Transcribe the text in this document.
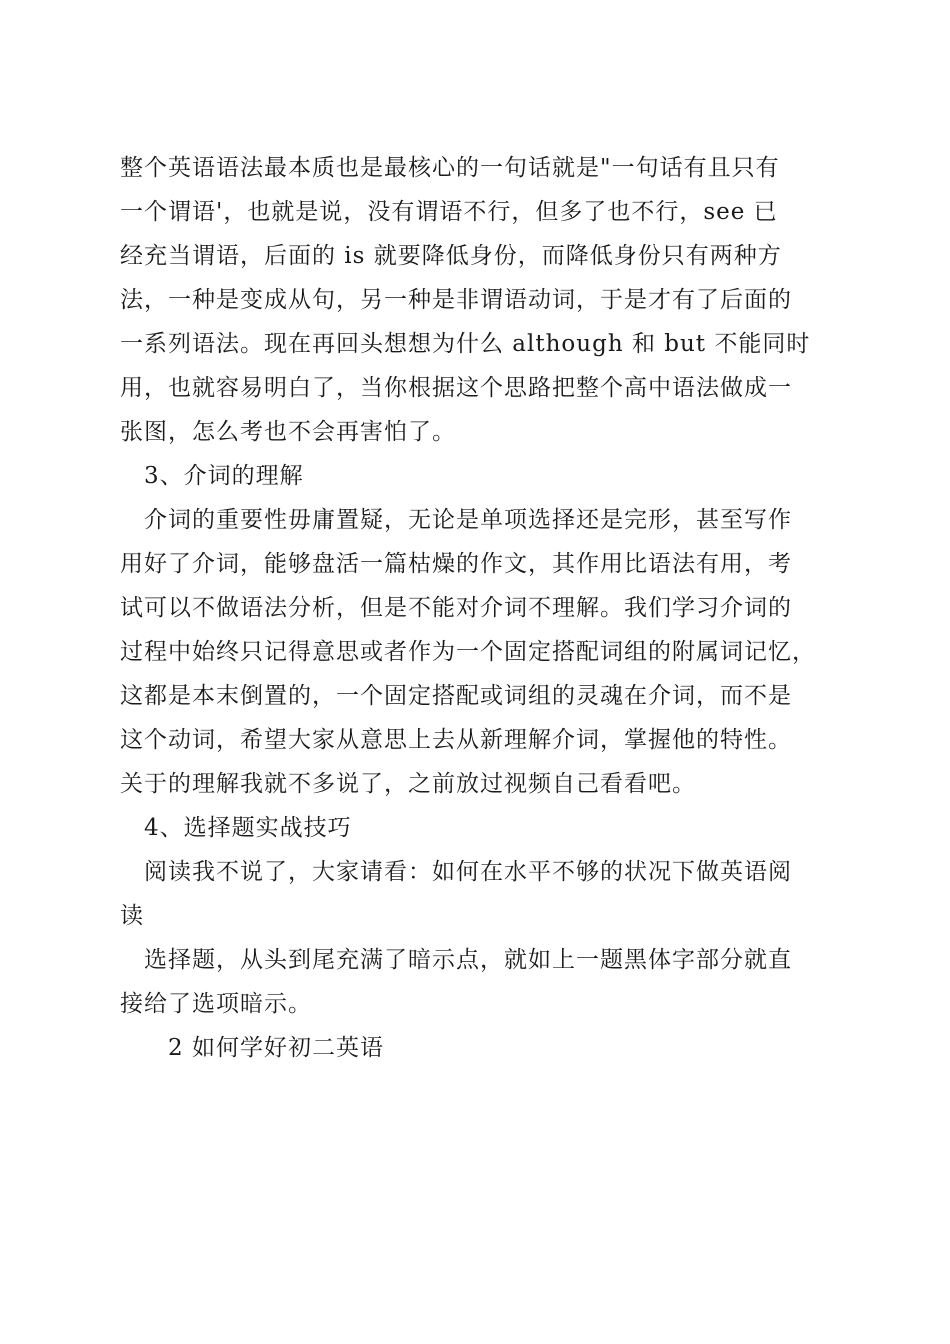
整个英语语法最本质也是最核心的一句话就是"一句话有且只有
一个谓语'，也就是说，没有谓语不行，但多了也不行，see 已
经充当谓语，后面的 is 就要降低身份，而降低身份只有两种方
法，一种是变成从句，另一种是非谓语动词，于是才有了后面的
一系列语法。现在再回头想想为什么 although 和 but 不能同时
用，也就容易明白了，当你根据这个思路把整个高中语法做成一
张图，怎么考也不会再害怕了。
3、介词的理解
介词的重要性毋庸置疑，无论是单项选择还是完形，甚至写作
用好了介词，能够盘活一篇枯燥的作文，其作用比语法有用，考
试可以不做语法分析，但是不能对介词不理解。我们学习介词的
过程中始终只记得意思或者作为一个固定搭配词组的附属词记忆，
这都是本末倒置的，一个固定搭配或词组的灵魂在介词，而不是
这个动词，希望大家从意思上去从新理解介词，掌握他的特性。
关于的理解我就不多说了，之前放过视频自己看看吧。
4、选择题实战技巧
阅读我不说了，大家请看：如何在水平不够的状况下做英语阅
读
选择题，从头到尾充满了暗示点，就如上一题黑体字部分就直
接给了选项暗示。
2 如何学好初二英语
